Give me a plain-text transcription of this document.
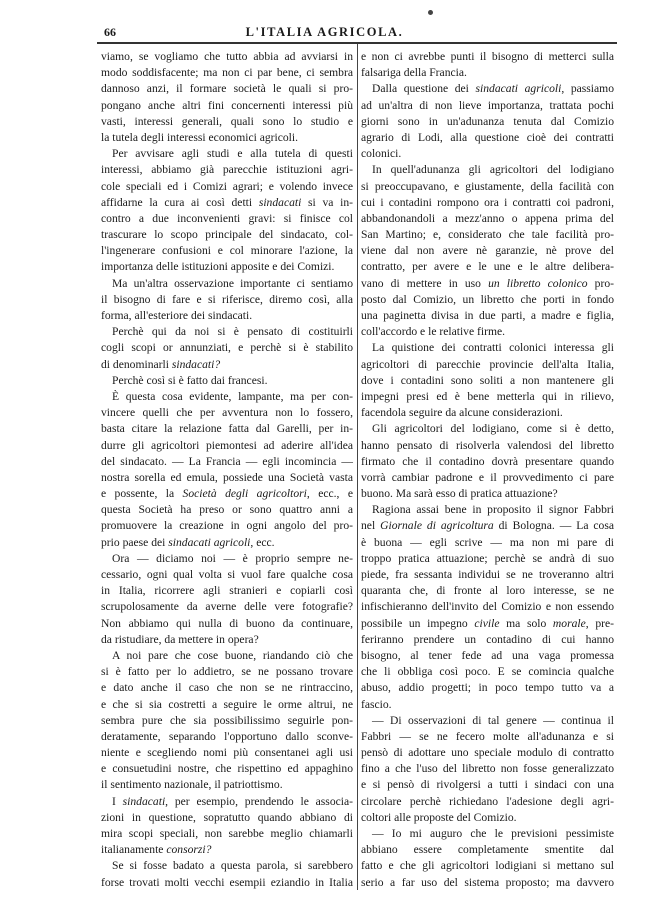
66	L'ITALIA AGRICOLA.
viamo, se vogliamo che tutto abbia ad avviarsi in
modo soddisfacente; ma non ci par bene, ci sembra
dannoso anzi, il formare società le quali si pro-
pongano anche altri fini concernenti interessi più
vasti, interessi generali, quali sono lo studio e
la tutela degli interessi economici agricoli.
Per avvisare agli studi e alla tutela di questi
interessi, abbiamo già parecchie istituzioni agri-
cole speciali ed i Comizi agrari; e volendo invece
affidarne la cura ai così detti sindacati si va in-
contro a due inconvenienti gravi: si finisce col
trascurare lo scopo principale del sindacato, col-
l'ingenerare confusioni e col minorare l'azione, la
importanza delle istituzioni apposite e dei Comizi.
Ma un'altra osservazione importante ci sentiamo
il bisogno di fare e si riferisce, diremo così, alla
forma, all'esteriore dei sindacati.
Perchè qui da noi si è pensato di costituirli
cogli scopi or annunziati, e perchè si è stabilito
di denominarli sindacati?
Perchè così si è fatto dai francesi.
È questa cosa evidente, lampante, ma per con-
vincere quelli che per avventura non lo fossero,
basta citare la relazione fatta dal Garelli, per in-
durre gli agricoltori piemontesi ad aderire all'idea
del sindacato. — La Francia — egli incomincia —
nostra sorella ed emula, possiede una Società vasta
e possente, la Società degli agricoltori, ecc., e
questa Società ha preso or sono quattro anni a
promuovere la creazione in ogni angolo del pro-
prio paese dei sindacati agricoli, ecc.
Ora — diciamo noi — è proprio sempre ne-
cessario, ogni qual volta si vuol fare qualche cosa
in Italia, ricorrere agli stranieri e copiarli così
scrupolosamente da averne delle vere fotografie?
Non abbiamo qui nulla di buono da continuare,
da ristudiare, da mettere in opera?
A noi pare che cose buone, riandando ciò che
si è fatto per lo addietro, se ne possano trovare
e dato anche il caso che non se ne rintraccino,
e che si sia costretti a seguire le orme altrui, ne
sembra pure che sia possibilissimo seguirle pon-
deratamente, separando l'opportuno dallo sconve-
niente e scegliendo nomi più consentanei agli usi
e consuetudini nostre, che rispettino ed appaghino
il sentimento nazionale, il patriottismo.
I sindacati, per esempio, prendendo le associa-
zioni in questione, sopratutto quando abbiano di
mira scopi speciali, non sarebbe meglio chiamarli
italianamente consorzi?
Se si fosse badato a questa parola, si sarebbero
forse trovati molti vecchi esempii eziandio in Italia
e non ci avrebbe punti il bisogno di metterci sulla
falsariga della Francia.
Dalla questione dei sindacati agricoli, passiamo
ad un'altra di non lieve importanza, trattata pochi
giorni sono in un'adunanza tenuta dal Comizio
agrario di Lodi, alla questione cioè dei contratti
colonici.
In quell'adunanza gli agricoltori del lodigiano
si preoccupavano, e giustamente, della facilità con
cui i contadini rompono ora i contratti coi padroni,
abbandonandoli a mezz'anno o appena prima del
San Martino; e, considerato che tale facilità pro-
viene dal non avere nè garanzie, nè prove del
contratto, per avere e le une e le altre delibera-
vano di mettere in uso un libretto colonico pro-
posto dal Comizio, un libretto che porti in fondo
una paginetta divisa in due parti, a madre e figlia,
coll'accordo e le relative firme.
La quistione dei contratti colonici interessa gli
agricoltori di parecchie provincie dell'alta Italia,
dove i contadini sono soliti a non mantenere gli
impegni presi ed è bene metterla qui in rilievo,
facendola seguire da alcune considerazioni.
Gli agricoltori del lodigiano, come si è detto,
hanno pensato di risolverla valendosi del libretto
firmato che il contadino dovrà presentare quando
vorrà cambiar padrone e il provvedimento ci pare
buono. Ma sarà esso di pratica attuazione?
Ragiona assai bene in proposito il signor Fabbri
nel Giornale di agricoltura di Bologna. — La cosa
è buona — egli scrive — ma non mi pare di
troppo pratica attuazione; perchè se andrà di suo
piede, fra sessanta individui se ne troveranno altri
quaranta che, di fronte al loro interesse, se ne
infischieranno dell'invito del Comizio e non essendo
possibile un impegno civile ma solo morale, pre-
feriranno prendere un contadino di cui hanno
bisogno, al tener fede ad una vaga promessa
che li obbliga così poco. E se comincia qualche
abuso, addio progetti; in poco tempo tutto va a
fascio.
— Di osservazioni di tal genere — continua il
Fabbri — se ne fecero molte all'adunanza e si
pensò di adottare uno speciale modulo di contratto
fino a che l'uso del libretto non fosse generalizzato
e si pensò di rivolgersi a tutti i sindaci con una
circolare perchè richiedano l'adesione degli agri-
coltori alle proposte del Comizio.
— Io mi auguro che le previsioni pessimiste
abbiano essere completamente smentite dal
fatto e che gli agricoltori lodigiani si mettano sul
serio a far uso del sistema proposto; ma davvero
